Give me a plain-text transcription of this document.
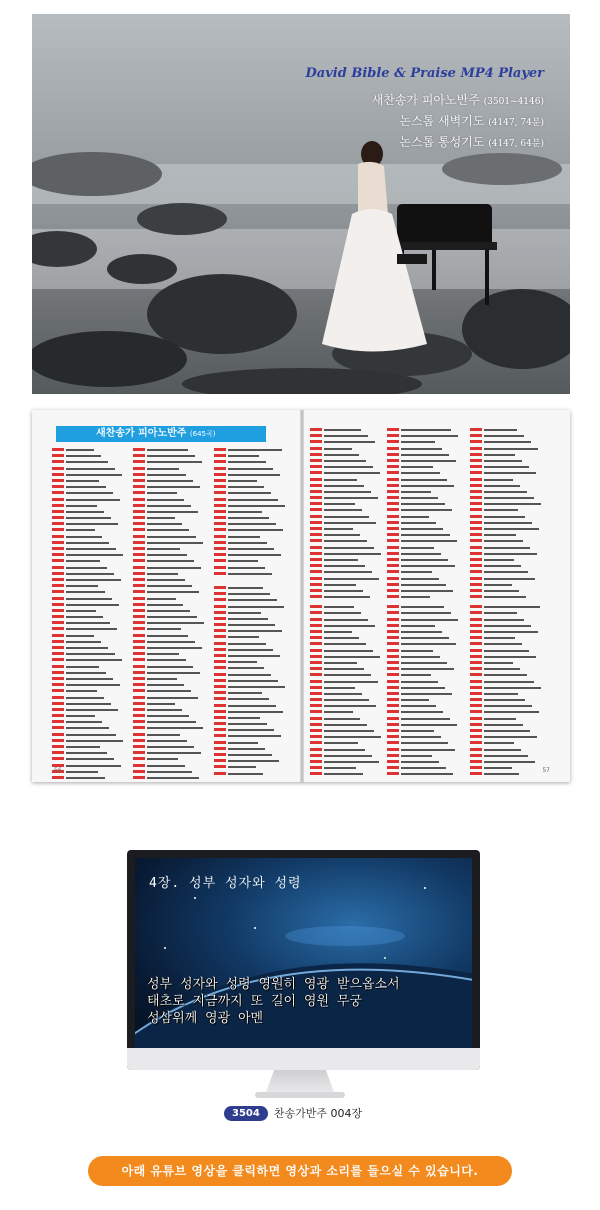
David Bible & Praise MP4 Player
새찬송가 피아노반주 (3501~4146)
논스톱 새벽기도 (4147, 74분)
논스톱 통성기도 (4147, 64분)
새찬송가 피아노반주 (645곡)
56	57
4장. 성부 성자와 성령
성부 성자와 성령 영원히 영광 받으옵소서
태초로 지금까지 또 길이 영원 무궁
성삼위께 영광 아멘
3504	찬송가반주 004장
아래 유튜브 영상을 클릭하면 영상과 소리를 들으실 수 있습니다.
